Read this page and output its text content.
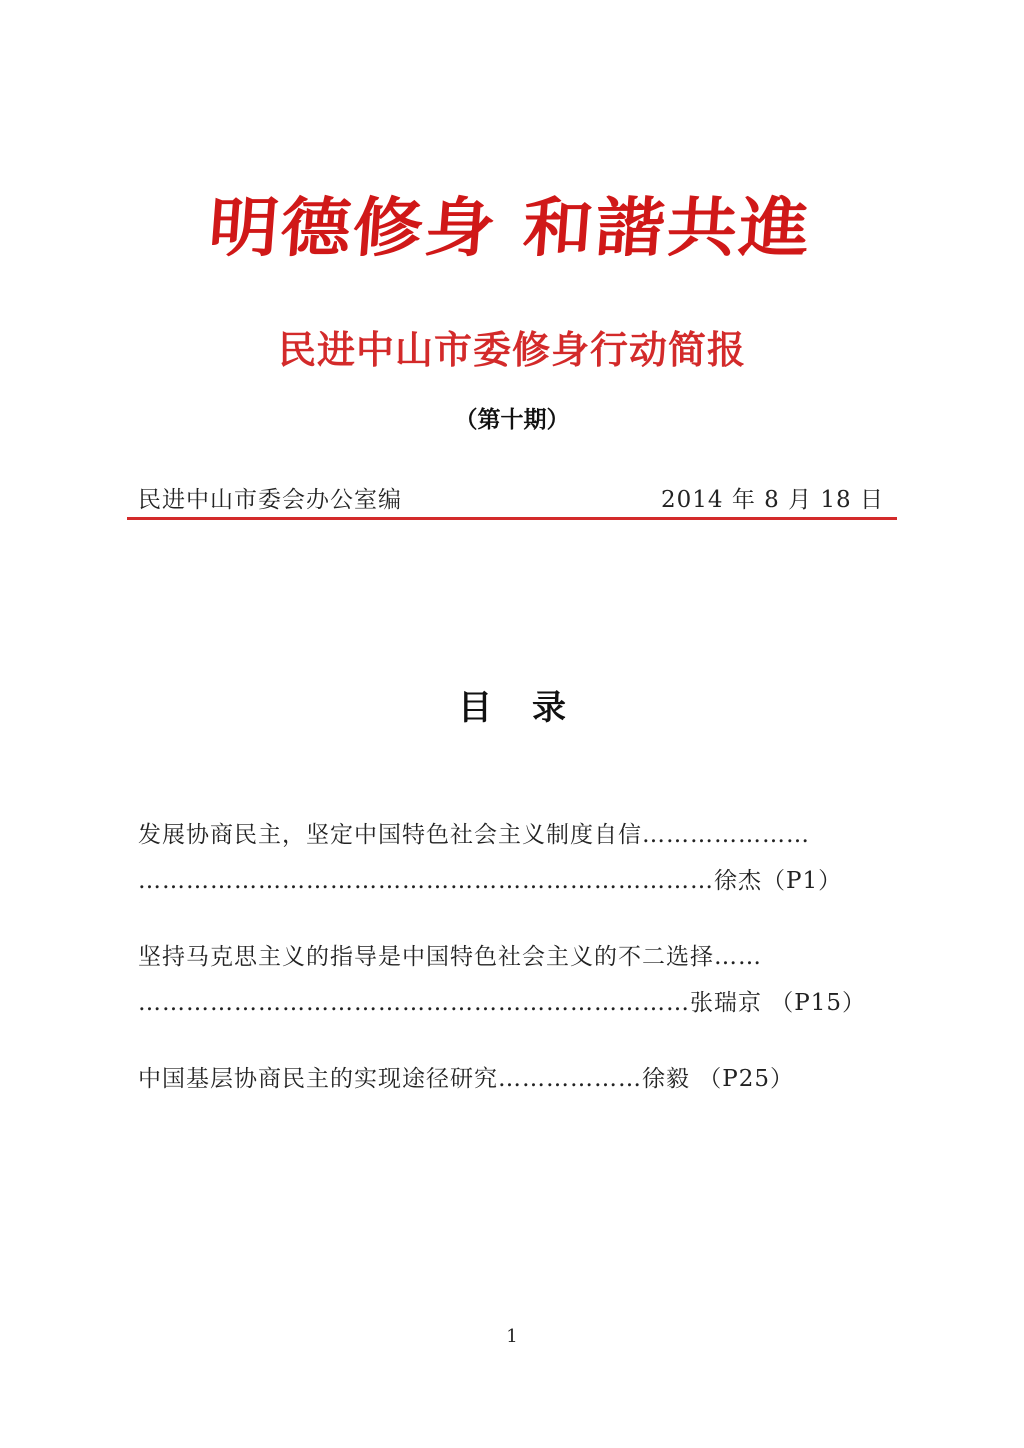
明德修身 和諧共進
民进中山市委修身行动简报
（第十期）
民进中山市委会办公室编	2014 年 8 月 18 日
目录
发展协商民主，坚定中国特色社会主义制度自信…………………
………………………………………………………………徐杰（P1）
坚持马克思主义的指导是中国特色社会主义的不二选择……
……………………………………………………………张瑞京 （P15）
中国基层协商民主的实现途径研究………………徐毅 （P25）
1
